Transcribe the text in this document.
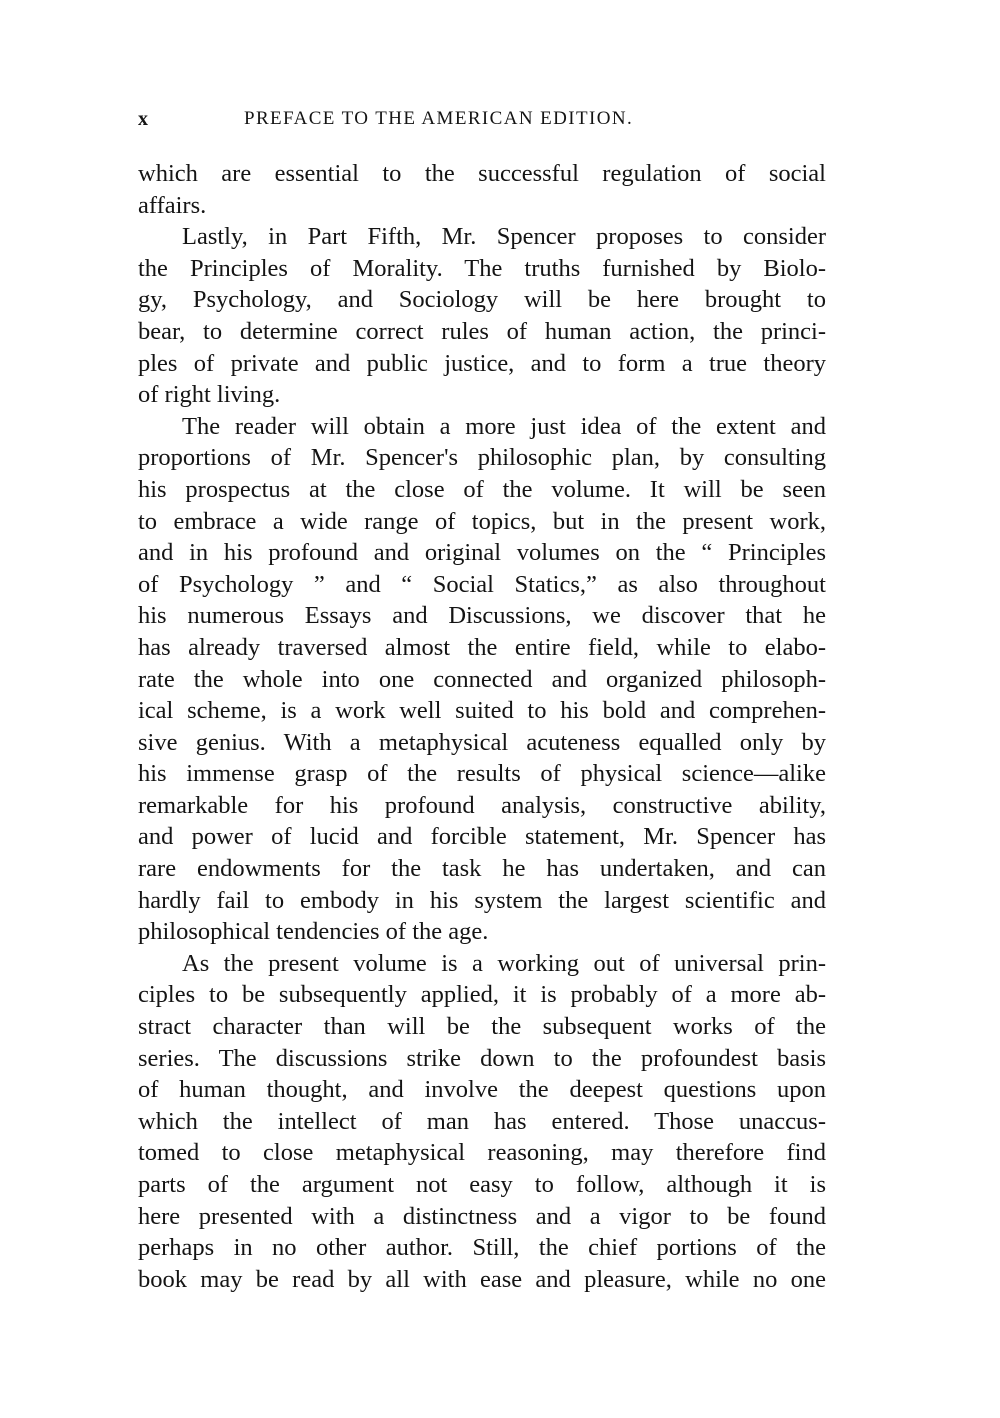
x	PREFACE TO THE AMERICAN EDITION.
which are essential to the successful regulation of social
affairs.
Lastly, in Part Fifth, Mr. Spencer proposes to consider
the Principles of Morality. The truths furnished by Biolo-
gy, Psychology, and Sociology will be here brought to
bear, to determine correct rules of human action, the princi-
ples of private and public justice, and to form a true theory
of right living.
The reader will obtain a more just idea of the extent and
proportions of Mr. Spencer's philosophic plan, by consulting
his prospectus at the close of the volume. It will be seen
to embrace a wide range of topics, but in the present work,
and in his profound and original volumes on the “ Principles
of Psychology ” and “ Social Statics,” as also throughout
his numerous Essays and Discussions, we discover that he
has already traversed almost the entire field, while to elabo-
rate the whole into one connected and organized philosoph-
ical scheme, is a work well suited to his bold and comprehen-
sive genius. With a metaphysical acuteness equalled only by
his immense grasp of the results of physical science—alike
remarkable for his profound analysis, constructive ability,
and power of lucid and forcible statement, Mr. Spencer has
rare endowments for the task he has undertaken, and can
hardly fail to embody in his system the largest scientific and
philosophical tendencies of the age.
As the present volume is a working out of universal prin-
ciples to be subsequently applied, it is probably of a more ab-
stract character than will be the subsequent works of the
series. The discussions strike down to the profoundest basis
of human thought, and involve the deepest questions upon
which the intellect of man has entered. Those unaccus-
tomed to close metaphysical reasoning, may therefore find
parts of the argument not easy to follow, although it is
here presented with a distinctness and a vigor to be found
perhaps in no other author. Still, the chief portions of the
book may be read by all with ease and pleasure, while no one
